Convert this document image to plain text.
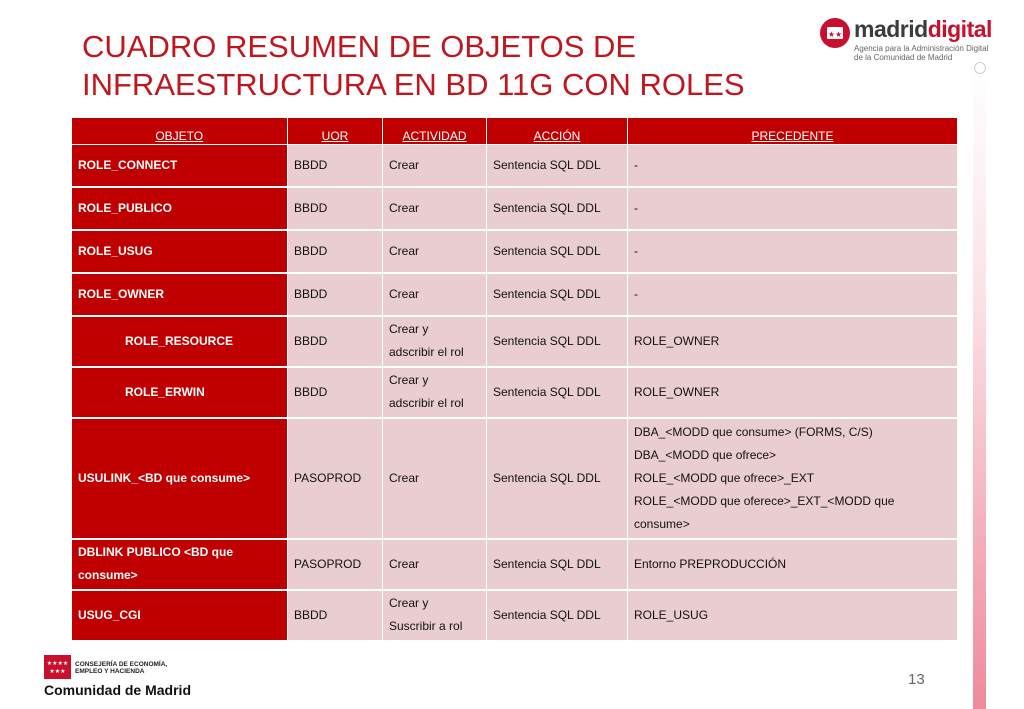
CUADRO RESUMEN DE OBJETOS DE
INFRAESTRUCTURA EN BD 11G CON ROLES
★★ madriddigital
Agencia para la Administración Digital
de la Comunidad de Madrid
OBJETO	UOR	ACTIVIDAD	ACCIÓN	PRECEDENTE

ROLE_CONNECT	BBDD	Crear	Sentencia SQL DDL	-

ROLE_PUBLICO	BBDD	Crear	Sentencia SQL DDL	-

ROLE_USUG	BBDD	Crear	Sentencia SQL DDL	-

ROLE_OWNER	BBDD	Crear	Sentencia SQL DDL	-

ROLE_RESOURCE	BBDD	Crear y
adscribir el rol	Sentencia SQL DDL	ROLE_OWNER

ROLE_ERWIN	BBDD	Crear y
adscribir el rol	Sentencia SQL DDL	ROLE_OWNER

USULINK_<BD que consume>	PASOPROD	Crear	Sentencia SQL DDL	DBA_<MODD que consume> (FORMS, C/S)
DBA_<MODD que ofrece>
ROLE_<MODD que ofrece>_EXT
ROLE_<MODD que oferece>_EXT_<MODD que
consume>

DBLINK PUBLICO <BD que
consume>	PASOPROD	Crear	Sentencia SQL DDL	Entorno PREPRODUCCIÓN

USUG_CGI	BBDD	Crear y
Suscribir a rol	Sentencia SQL DDL	ROLE_USUG
★★★★
★★★
CONSEJERÍA DE ECONOMÍA,
EMPLEO Y HACIENDA
Comunidad de Madrid
13
